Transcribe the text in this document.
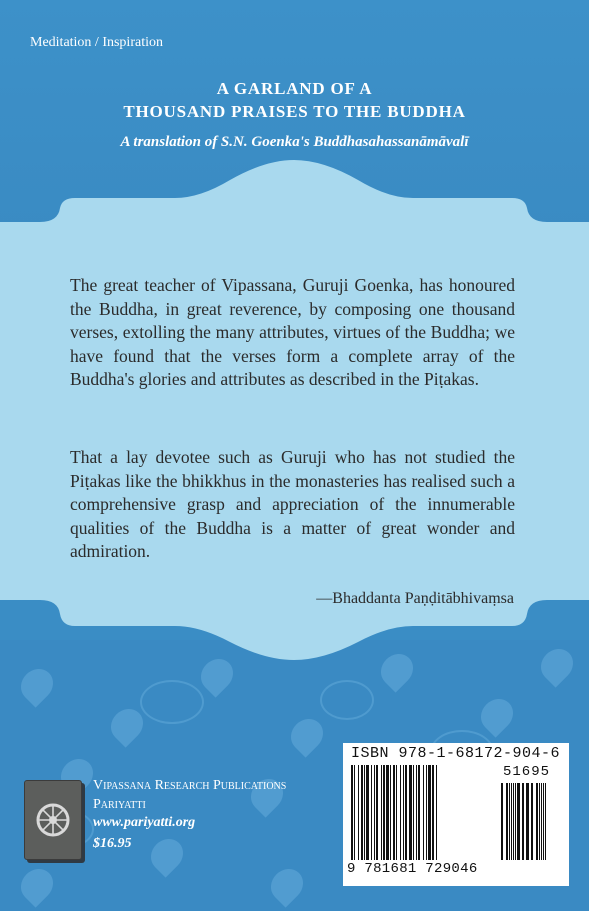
Meditation / Inspiration
A GARLAND OF A
THOUSAND PRAISES TO THE BUDDHA
A translation of S.N. Goenka's Buddhasahassanāmāvalī
The great teacher of Vipassana, Guruji Goenka, has honoured the Buddha, in great reverence, by composing one thousand verses, extolling the many attributes, virtues of the Buddha; we have found that the verses form a complete array of the Buddha's glories and attributes as described in the Piṭakas.
That a lay devotee such as Guruji who has not studied the Piṭakas like the bhikkhus in the monasteries has realised such a comprehensive grasp and appreciation of the innumerable qualities of the Buddha is a matter of great wonder and admiration.
—Bhaddanta Paṇḍitābhivaṃsa
Vipassana Research Publications
Pariyatti
www.pariyatti.org
$16.95
ISBN 978-1-68172-904-6
51695
9 781681 729046
